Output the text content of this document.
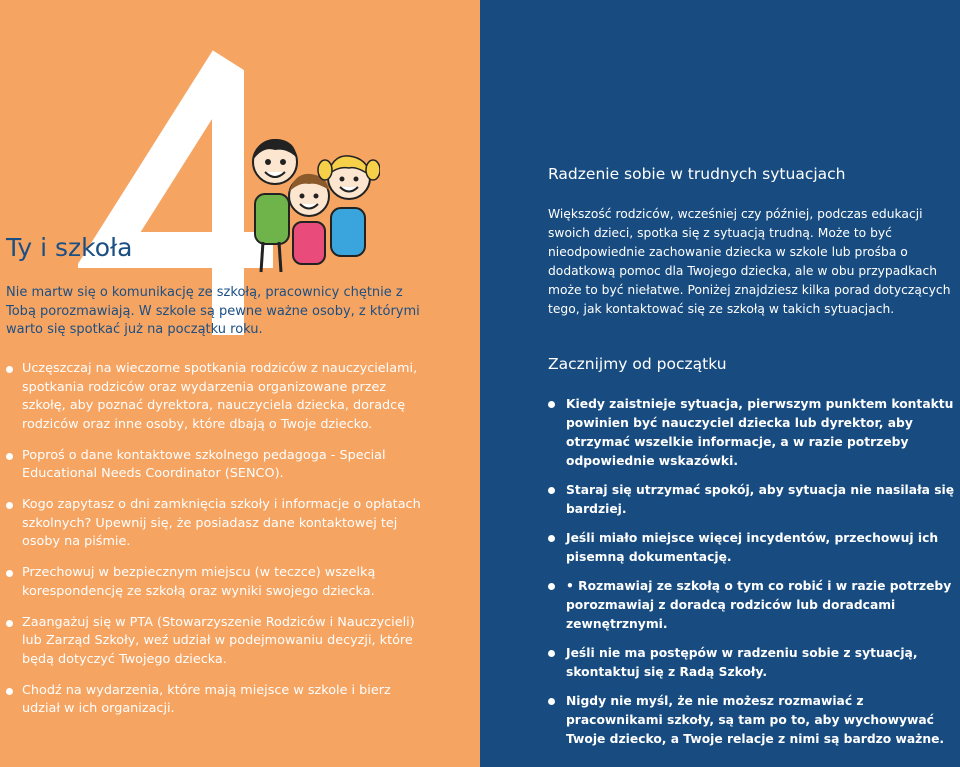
Ty i szkoła

Nie martw się o komunikację ze szkołą, pracownicy chętnie z Tobą porozmawiają. W szkole są pewne ważne osoby, z którymi warto się spotkać już na początku roku.

Uczęszczaj na wieczorne spotkania rodziców z nauczycielami, spotkania rodziców oraz wydarzenia organizowane przez szkołę, aby poznać dyrektora, nauczyciela dziecka, doradcę rodziców oraz inne osoby, które dbają o Twoje dziecko.
Poproś o dane kontaktowe szkolnego pedagoga - Special Educational Needs Coordinator (SENCO).
Kogo zapytasz o dni zamknięcia szkoły i informacje o opłatach szkolnych? Upewnij się, że posiadasz dane kontaktowej tej osoby na piśmie.
Przechowuj w bezpiecznym miejscu (w teczce) wszelką korespondencję ze szkołą oraz wyniki swojego dziecka.
Zaangażuj się w PTA (Stowarzyszenie Rodziców i Nauczycieli) lub Zarząd Szkoły, weź udział w podejmowaniu decyzji, które będą dotyczyć Twojego dziecka.
Chodź na wydarzenia, które mają miejsce w szkole i bierz udział w ich organizacji.
Radzenie sobie w trudnych sytuacjach

Większość rodziców, wcześniej czy później, podczas edukacji swoich dzieci, spotka się z sytuacją trudną. Może to być nieodpowiednie zachowanie dziecka w szkole lub prośba o dodatkową pomoc dla Twojego dziecka, ale w obu przypadkach może to być niełatwe. Poniżej znajdziesz kilka porad dotyczących tego, jak kontaktować się ze szkołą w takich sytuacjach.

Zacznijmy od początku
Kiedy zaistnieje sytuacja, pierwszym punktem kontaktu powinien być nauczyciel dziecka lub dyrektor, aby otrzymać wszelkie informacje, a w razie potrzeby odpowiednie wskazówki.
Staraj się utrzymać spokój, aby sytuacja nie nasilała się bardziej.
Jeśli miało miejsce więcej incydentów, przechowuj ich pisemną dokumentację.
• Rozmawiaj ze szkołą o tym co robić i w razie potrzeby porozmawiaj z doradcą rodziców lub doradcami zewnętrznymi.
Jeśli nie ma postępów w radzeniu sobie z sytuacją, skontaktuj się z Radą Szkoły.
Nigdy nie myśl, że nie możesz rozmawiać z pracownikami szkoły, są tam po to, aby wychowywać Twoje dziecko, a Twoje relacje z nimi są bardzo ważne.
